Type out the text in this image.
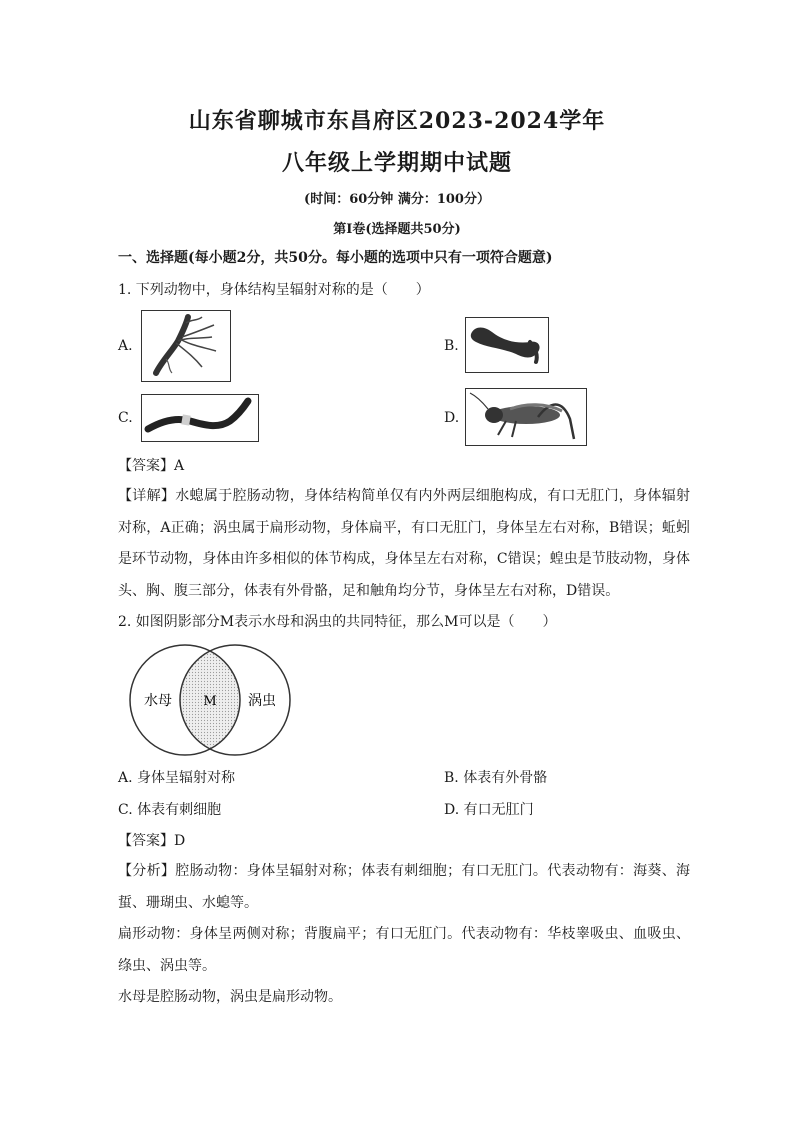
山东省聊城市东昌府区2023-2024学年
八年级上学期期中试题
(时间：60分钟 满分：100分）
第Ⅰ卷(选择题共50分)
一、选择题(每小题2分，共50分。每小题的选项中只有一项符合题意)
1. 下列动物中，身体结构呈辐射对称的是（　　）
A.	B.
C.	D.
【答案】A
【详解】水螅属于腔肠动物，身体结构简单仅有内外两层细胞构成，有口无肛门，身体辐射对称，A正确；涡虫属于扁形动物，身体扁平，有口无肛门，身体呈左右对称，B错误；蚯蚓是环节动物，身体由许多相似的体节构成，身体呈左右对称，C错误；蝗虫是节肢动物，身体头、胸、腹三部分，体表有外骨骼，足和触角均分节，身体呈左右对称，D错误。
2. 如图阴影部分M表示水母和涡虫的共同特征，那么M可以是（　　）
水母 M 涡虫
A. 身体呈辐射对称	B. 体表有外骨骼
C. 体表有刺细胞	D. 有口无肛门
【答案】D
【分析】腔肠动物：身体呈辐射对称；体表有刺细胞；有口无肛门。代表动物有：海葵、海蜇、珊瑚虫、水螅等。
扁形动物：身体呈两侧对称；背腹扁平；有口无肛门。代表动物有：华枝睾吸虫、血吸虫、绦虫、涡虫等。
水母是腔肠动物，涡虫是扁形动物。
